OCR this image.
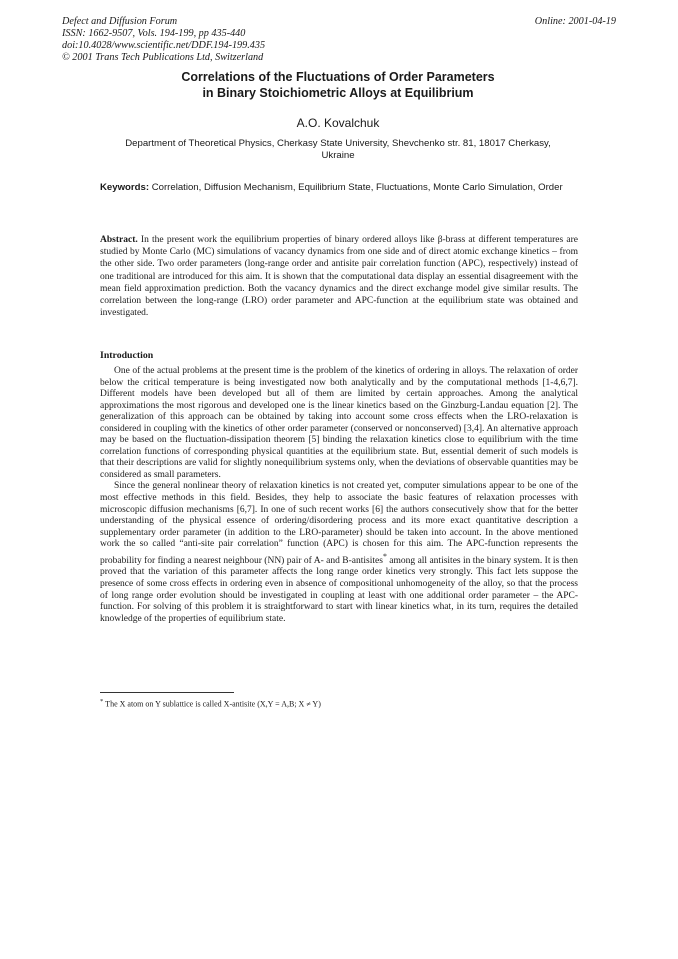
Defect and Diffusion Forum
ISSN: 1662-9507, Vols. 194-199, pp 435-440
doi:10.4028/www.scientific.net/DDF.194-199.435
© 2001 Trans Tech Publications Ltd, Switzerland
Online: 2001-04-19
Correlations of the Fluctuations of Order Parameters
in Binary Stoichiometric Alloys at Equilibrium
A.O. Kovalchuk
Department of Theoretical Physics, Cherkasy State University, Shevchenko str. 81, 18017 Cherkasy, Ukraine
Keywords: Correlation, Diffusion Mechanism, Equilibrium State, Fluctuations, Monte Carlo Simulation, Order

Abstract. In the present work the equilibrium properties of binary ordered alloys like β-brass at different temperatures are studied by Monte Carlo (MC) simulations of vacancy dynamics from one side and of direct atomic exchange kinetics – from the other side. Two order parameters (long-range order and antisite pair correlation function (APC), respectively) instead of one traditional are introduced for this aim. It is shown that the computational data display an essential disagreement with the mean field approximation prediction. Both the vacancy dynamics and the direct exchange model give similar results. The correlation between the long-range (LRO) order parameter and APC-function at the equilibrium state was obtained and investigated.

Introduction

One of the actual problems at the present time is the problem of the kinetics of ordering in alloys. The relaxation of order below the critical temperature is being investigated now both analytically and by the computational methods [1-4,6,7]. Different models have been developed but all of them are limited by certain approaches. Among the analytical approximations the most rigorous and developed one is the linear kinetics based on the Ginzburg-Landau equation [2]. The generalization of this approach can be obtained by taking into account some cross effects when the LRO-relaxation is considered in coupling with the kinetics of other order parameter (conserved or nonconserved) [3,4]. An alternative approach may be based on the fluctuation-dissipation theorem [5] binding the relaxation kinetics close to equilibrium with the time correlation functions of corresponding physical quantities at the equilibrium state. But, essential demerit of such models is that their descriptions are valid for slightly nonequilibrium systems only, when the deviations of observable quantities may be considered as small parameters.

Since the general nonlinear theory of relaxation kinetics is not created yet, computer simulations appear to be one of the most effective methods in this field. Besides, they help to associate the basic features of relaxation processes with microscopic diffusion mechanisms [6,7]. In one of such recent works [6] the authors consecutively show that for the better understanding of the physical essence of ordering/disordering process and its more exact quantitative description a supplementary order parameter (in addition to the LRO-parameter) should be taken into account. In the above mentioned work the so called “anti-site pair correlation” function (APC) is chosen for this aim. The APC-function represents the probability for finding a nearest neighbour (NN) pair of A- and B-antisites* among all antisites in the binary system. It is then proved that the variation of this parameter affects the long range order kinetics very strongly. This fact lets suppose the presence of some cross effects in ordering even in absence of compositional unhomogeneity of the alloy, so that the process of long range order evolution should be investigated in coupling at least with one additional order parameter – the APC-function. For solving of this problem it is straightforward to start with linear kinetics what, in its turn, requires the detailed knowledge of the properties of equilibrium state.

* The X atom on Y sublattice is called X-antisite (X,Y = A,B; X ≠ Y)
